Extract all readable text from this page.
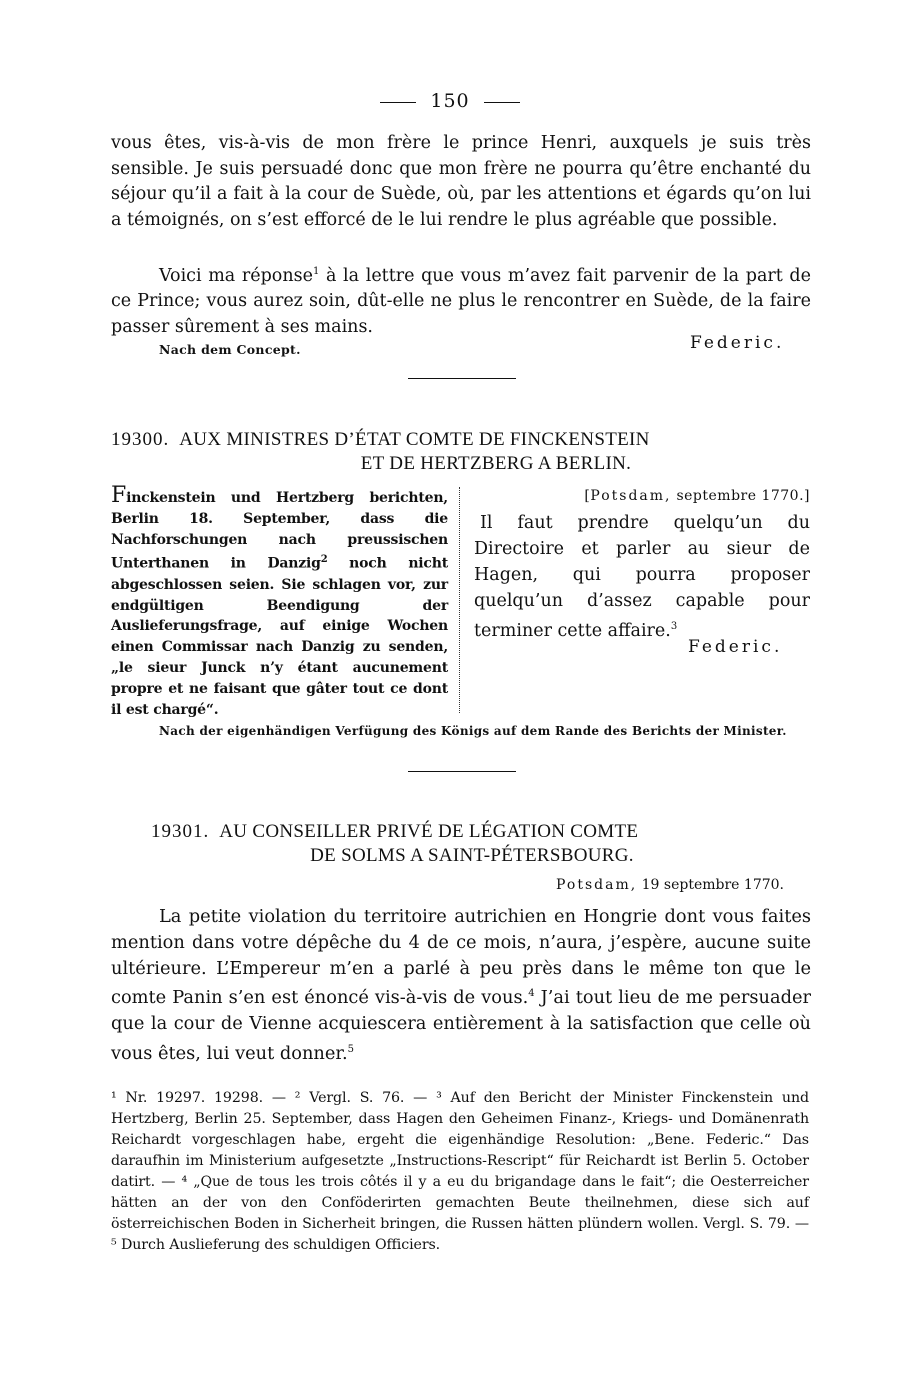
150
vous êtes, vis-à-vis de mon frère le prince Henri, auxquels je suis très sensible. Je suis persuadé donc que mon frère ne pourra qu’être enchanté du séjour qu’il a fait à la cour de Suède, où, par les attentions et égards qu’on lui a témoignés, on s’est efforcé de le lui rendre le plus agréable que possible.
Voici ma réponse$^1$ à la lettre que vous m’avez fait parvenir de la part de ce Prince; vous aurez soin, dût-elle ne plus le rencontrer en Suède, de la faire passer sûrement à ses mains.
Nach dem Concept.	Federic.
19300. AUX MINISTRES D’ÉTAT COMTE DE FINCKENSTEIN
ET DE HERTZBERG A BERLIN.
Finckenstein und Hertzberg berichten, Berlin 18. September, dass die Nachforschungen nach preussischen Unterthanen in Danzig$^2$ noch nicht abgeschlossen seien. Sie schlagen vor, zur endgültigen Beendigung der Auslieferungsfrage, auf einige Wochen einen Commissar nach Danzig zu senden, „le sieur Junck n’y étant aucunement propre et ne faisant que gâter tout ce dont il est chargé“.
[Potsdam, septembre 1770.]
Il faut prendre quelqu’un du Directoire et parler au sieur de Hagen, qui pourra proposer quelqu’un d’assez capable pour terminer cette affaire.$^3$
Federic.
Nach der eigenhändigen Verfügung des Königs auf dem Rande des Berichts der Minister.
19301. AU CONSEILLER PRIVÉ DE LÉGATION COMTE
DE SOLMS A SAINT-PÉTERSBOURG.
Potsdam, 19 septembre 1770.
La petite violation du territoire autrichien en Hongrie dont vous faites mention dans votre dépêche du 4 de ce mois, n’aura, j’espère, aucune suite ultérieure. L’Empereur m’en a parlé à peu près dans le même ton que le comte Panin s’en est énoncé vis-à-vis de vous.$^4$ J’ai tout lieu de me persuader que la cour de Vienne acquiescera entièrement à la satisfaction que celle où vous êtes, lui veut donner.$^5$
¹ Nr. 19297. 19298. — ² Vergl. S. 76. — ³ Auf den Bericht der Minister Finckenstein und Hertzberg, Berlin 25. September, dass Hagen den Geheimen Finanz-, Kriegs- und Domänenrath Reichardt vorgeschlagen habe, ergeht die eigenhändige Resolution: „Bene. Federic.“ Das daraufhin im Ministerium aufgesetzte „Instructions-Rescript“ für Reichardt ist Berlin 5. October datirt. — ⁴ „Que de tous les trois côtés il y a eu du brigandage dans le fait“; die Oesterreicher hätten an der von den Conföderirten gemachten Beute theilnehmen, diese sich auf österreichischen Boden in Sicherheit bringen, die Russen hätten plündern wollen. Vergl. S. 79. — ⁵ Durch Auslieferung des schuldigen Officiers.
